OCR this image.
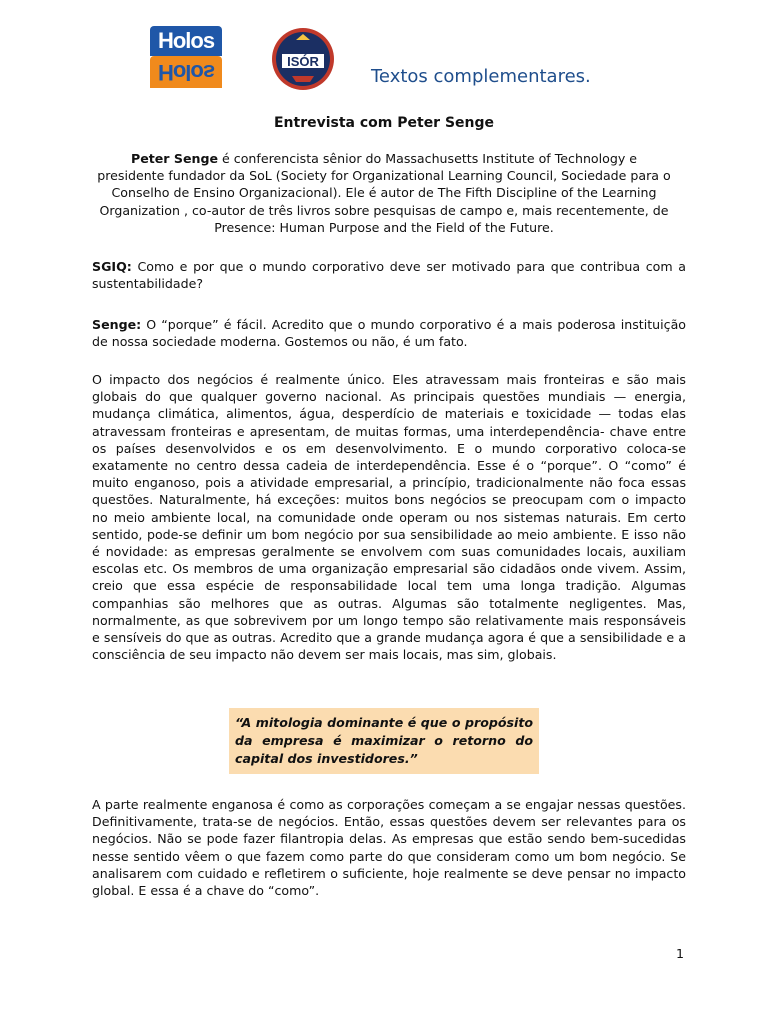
Holos
Holos	ISÓR
Textos complementares.
Entrevista com Peter Senge
Peter Senge é conferencista sênior do Massachusetts Institute of Technology e presidente fundador da SoL (Society for Organizational Learning Council, Sociedade para o Conselho de Ensino Organizacional). Ele é autor de The Fifth Discipline of the Learning Organization , co-autor de três livros sobre pesquisas de campo e, mais recentemente, de Presence: Human Purpose and the Field of the Future.
SGIQ: Como e por que o mundo corporativo deve ser motivado para que contribua com a sustentabilidade?
Senge: O “porque” é fácil. Acredito que o mundo corporativo é a mais poderosa instituição de nossa sociedade moderna. Gostemos ou não, é um fato.
O impacto dos negócios é realmente único. Eles atravessam mais fronteiras e são mais globais do que qualquer governo nacional. As principais questões mundiais — energia, mudança climática, alimentos, água, desperdício de materiais e toxicidade — todas elas atravessam fronteiras e apresentam, de muitas formas, uma interdependência- chave entre os países desenvolvidos e os em desenvolvimento. E o mundo corporativo coloca-se exatamente no centro dessa cadeia de interdependência. Esse é o “porque”. O “como” é muito enganoso, pois a atividade empresarial, a princípio, tradicionalmente não foca essas questões. Naturalmente, há exceções: muitos bons negócios se preocupam com o impacto no meio ambiente local, na comunidade onde operam ou nos sistemas naturais. Em certo sentido, pode-se definir um bom negócio por sua sensibilidade ao meio ambiente. E isso não é novidade: as empresas geralmente se envolvem com suas comunidades locais, auxiliam escolas etc. Os membros de uma organização empresarial são cidadãos onde vivem. Assim, creio que essa espécie de responsabilidade local tem uma longa tradição. Algumas companhias são melhores que as outras. Algumas são totalmente negligentes. Mas, normalmente, as que sobrevivem por um longo tempo são relativamente mais responsáveis e sensíveis do que as outras. Acredito que a grande mudança agora é que a sensibilidade e a consciência de seu impacto não devem ser mais locais, mas sim, globais.
“A mitologia dominante é que o propósito da empresa é maximizar o retorno do capital dos investidores.”
A parte realmente enganosa é como as corporações começam a se engajar nessas questões. Definitivamente, trata-se de negócios. Então, essas questões devem ser relevantes para os negócios. Não se pode fazer filantropia delas. As empresas que estão sendo bem-sucedidas nesse sentido vêem o que fazem como parte do que consideram como um bom negócio. Se analisarem com cuidado e refletirem o suficiente, hoje realmente se deve pensar no impacto global. E essa é a chave do “como”.
1
